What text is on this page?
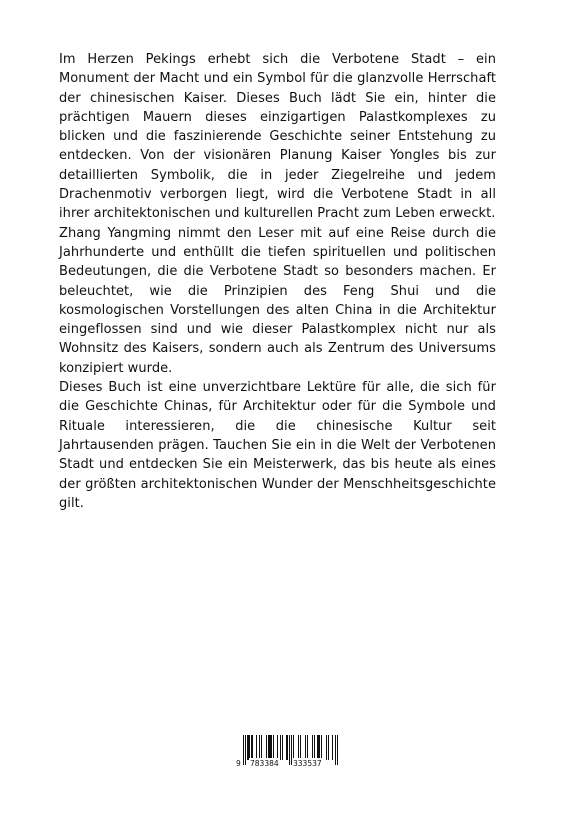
Im Herzen Pekings erhebt sich die Verbotene Stadt – ein Monument der Macht und ein Symbol für die glanzvolle Herrschaft der chinesischen Kaiser. Dieses Buch lädt Sie ein, hinter die prächtigen Mauern dieses einzigartigen Palastkomplexes zu blicken und die faszinierende Geschichte seiner Entstehung zu entdecken. Von der visionären Planung Kaiser Yongles bis zur detaillierten Symbolik, die in jeder Ziegelreihe und jedem Drachenmotiv verborgen liegt, wird die Verbotene Stadt in all ihrer architektonischen und kulturellen Pracht zum Leben erweckt.

Zhang Yangming nimmt den Leser mit auf eine Reise durch die Jahrhunderte und enthüllt die tiefen spirituellen und politischen Bedeutungen, die die Verbotene Stadt so besonders machen. Er beleuchtet, wie die Prinzipien des Feng Shui und die kosmologischen Vorstellungen des alten China in die Architektur eingeflossen sind und wie dieser Palastkomplex nicht nur als Wohnsitz des Kaisers, sondern auch als Zentrum des Universums konzipiert wurde.

Dieses Buch ist eine unverzichtbare Lektüre für alle, die sich für die Geschichte Chinas, für Architektur oder für die Symbole und Rituale interessieren, die die chinesische Kultur seit Jahrtausenden prägen. Tauchen Sie ein in die Welt der Verbotenen Stadt und entdecken Sie ein Meisterwerk, das bis heute als eines der größten architektonischen Wunder der Menschheitsgeschichte gilt.

9 783384 333537
